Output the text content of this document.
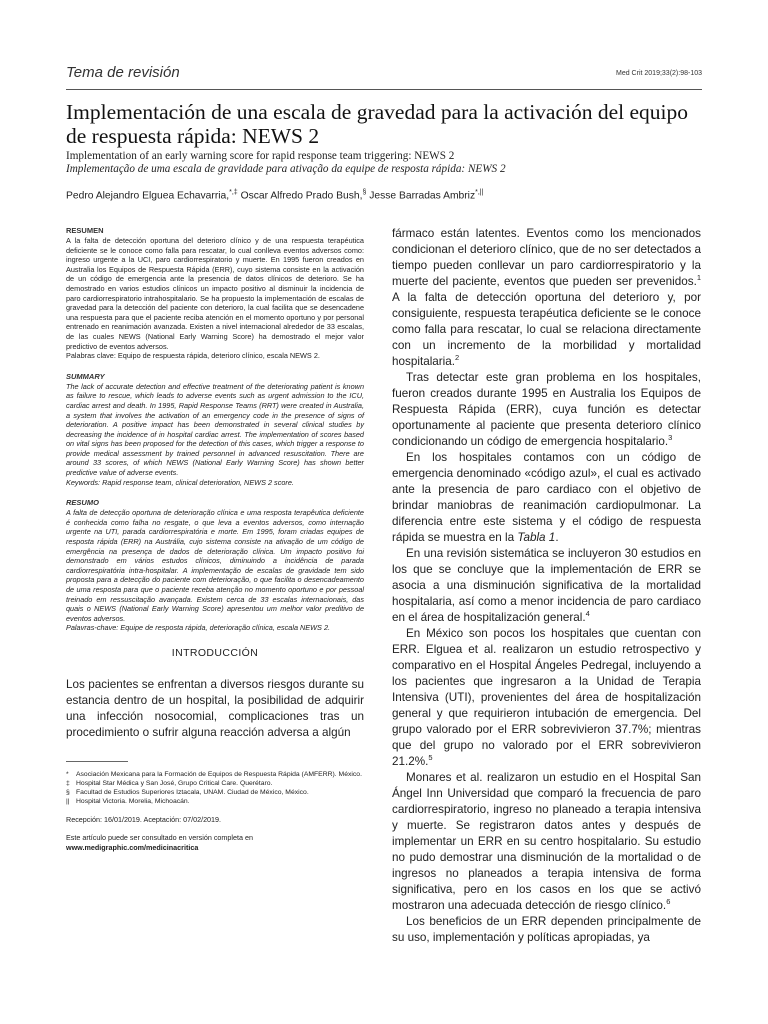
Tema de revisión	Med Crit 2019;33(2):98-103
Implementación de una escala de gravedad para la activación del equipo de respuesta rápida: NEWS 2
Implementation of an early warning score for rapid response team triggering: NEWS 2
Implementação de uma escala de gravidade para ativação da equipe de resposta rápida: NEWS 2
Pedro Alejandro Elguea Echavarria,*,‡ Oscar Alfredo Prado Bush,§ Jesse Barradas Ambriz*,||

RESUMEN

A la falta de detección oportuna del deterioro clínico y de una respuesta terapéutica deficiente se le conoce como falla para rescatar, lo cual conlleva eventos adversos como: ingreso urgente a la UCI, paro cardiorrespiratorio y muerte. En 1995 fueron creados en Australia los Equipos de Respuesta Rápida (ERR), cuyo sistema consiste en la activación de un código de emergencia ante la presencia de datos clínicos de deterioro. Se ha demostrado en varios estudios clínicos un impacto positivo al disminuir la incidencia de paro cardiorrespiratorio intrahospitalario. Se ha propuesto la implementación de escalas de gravedad para la detección del paciente con deterioro, la cual facilita que se desencadene una respuesta para que el paciente reciba atención en el momento oportuno y por personal entrenado en reanimación avanzada. Existen a nivel internacional alrededor de 33 escalas, de las cuales NEWS (National Early Warning Score) ha demostrado el mejor valor predictivo de eventos adversos.

Palabras clave: Equipo de respuesta rápida, deterioro clínico, escala NEWS 2.

SUMMARY

The lack of accurate detection and effective treatment of the deteriorating patient is known as failure to rescue, which leads to adverse events such as urgent admission to the ICU, cardiac arrest and death. In 1995, Rapid Response Teams (RRT) were created in Australia, a system that involves the activation of an emergency code in the presence of signs of deterioration. A positive impact has been demonstrated in several clinical studies by decreasing the incidence of in hospital cardiac arrest. The implementation of scores based on vital signs has been proposed for the detection of this cases, which trigger a response to provide medical assessment by trained personnel in advanced resuscitation. There are around 33 scores, of which NEWS (National Early Warning Score) has shown better predictive value of adverse events.

Keywords: Rapid response team, clinical deterioration, NEWS 2 score.

RESUMO

A falta de detecção oportuna de deterioração clínica e uma resposta terapêutica deficiente é conhecida como falha no resgate, o que leva a eventos adversos, como internação urgente na UTI, parada cardiorrespiratória e morte. Em 1995, foram criadas equipes de resposta rápida (ERR) na Austrália, cujo sistema consiste na ativação de um código de emergência na presença de dados de deterioração clínica. Um impacto positivo foi demonstrado em vários estudos clínicos, diminuindo a incidência de parada cardiorrespiratória intra-hospitalar. A implementação de escalas de gravidade tem sido proposta para a detecção do paciente com deterioração, o que facilita o desencadeamento de uma resposta para que o paciente receba atenção no momento oportuno e por pessoal treinado em ressuscitação avançada. Existem cerca de 33 escalas internacionais, das quais o NEWS (National Early Warning Score) apresentou um melhor valor preditivo de eventos adversos.

Palavras-chave: Equipe de resposta rápida, deterioração clínica, escala NEWS 2.

INTRODUCCIÓN

Los pacientes se enfrentan a diversos riesgos durante su estancia dentro de un hospital, la posibilidad de adquirir una infección nosocomial, complicaciones tras un procedimiento o sufrir alguna reacción adversa a algún

* Asociación Mexicana para la Formación de Equipos de Respuesta Rápida (AMFERR). México.

‡ Hospital Star Médica y San José, Grupo Critical Care. Querétaro.

§ Facultad de Estudios Superiores Iztacala, UNAM. Ciudad de México, México.

|| Hospital Victoria. Morelia, Michoacán.

Recepción: 16/01/2019. Aceptación: 07/02/2019.

Este artículo puede ser consultado en versión completa en

www.medigraphic.com/medicinacritica

fármaco están latentes. Eventos como los mencionados condicionan el deterioro clínico, que de no ser detectados a tiempo pueden conllevar un paro cardiorrespiratorio y la muerte del paciente, eventos que pueden ser prevenidos.$^1$ A la falta de detección oportuna del deterioro y, por consiguiente, respuesta terapéutica deficiente se le conoce como falla para rescatar, lo cual se relaciona directamente con un incremento de la morbilidad y mortalidad hospitalaria.$^2$

Tras detectar este gran problema en los hospitales, fueron creados durante 1995 en Australia los Equipos de Respuesta Rápida (ERR), cuya función es detectar oportunamente al paciente que presenta deterioro clínico condicionando un código de emergencia hospitalario.$^3$

En los hospitales contamos con un código de emergencia denominado «código azul», el cual es activado ante la presencia de paro cardiaco con el objetivo de brindar maniobras de reanimación cardiopulmonar. La diferencia entre este sistema y el código de respuesta rápida se muestra en la Tabla 1.

En una revisión sistemática se incluyeron 30 estudios en los que se concluye que la implementación de ERR se asocia a una disminución significativa de la mortalidad hospitalaria, así como a menor incidencia de paro cardiaco en el área de hospitalización general.$^4$

En México son pocos los hospitales que cuentan con ERR. Elguea et al. realizaron un estudio retrospectivo y comparativo en el Hospital Ángeles Pedregal, incluyendo a los pacientes que ingresaron a la Unidad de Terapia Intensiva (UTI), provenientes del área de hospitalización general y que requirieron intubación de emergencia. Del grupo valorado por el ERR sobrevivieron 37.7%; mientras que del grupo no valorado por el ERR sobrevivieron 21.2%.$^5$

Monares et al. realizaron un estudio en el Hospital San Ángel Inn Universidad que comparó la frecuencia de paro cardiorrespiratorio, ingreso no planeado a terapia intensiva y muerte. Se registraron datos antes y después de implementar un ERR en su centro hospitalario. Su estudio no pudo demostrar una disminución de la mortalidad o de ingresos no planeados a terapia intensiva de forma significativa, pero en los casos en los que se activó mostraron una adecuada detección de riesgo clínico.$^6$

Los beneficios de un ERR dependen principalmente de su uso, implementación y políticas apropiadas, ya
